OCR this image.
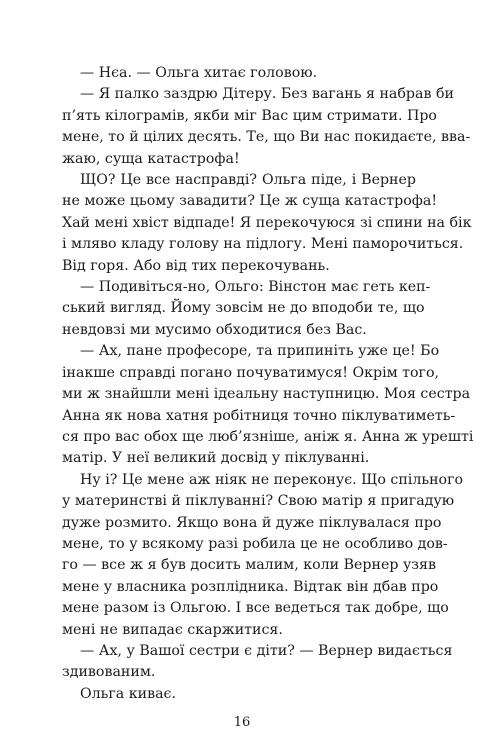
— Нєа. — Ольга хитає головою.

— Я палко заздрю Дітеру. Без вагань я набрав би
п’ять кілограмів, якби міг Вас цим стримати. Про
мене, то й цілих десять. Те, що Ви нас покидаєте, вва-
жаю, суща катастрофа!

ЩО? Це все насправді? Ольга піде, і Вернер
не може цьому завадити? Це ж суща катастрофа!
Хай мені хвіст відпаде! Я перекочуюся зі спини на бік
і мляво кладу голову на підлогу. Мені паморочиться.
Від горя. Або від тих перекочувань.

— Подивіться-но, Ольго: Вінстон має геть кеп-
ський вигляд. Йому зовсім не до вподоби те, що
невдовзі ми мусимо обходитися без Вас.

— Ах, пане професоре, та припиніть уже це! Бо
інакше справді погано почуватимуся! Окрім того,
ми ж знайшли мені ідеальну наступницю. Моя сестра
Анна як нова хатня робітниця точно піклуватиметь-
ся про вас обох ще люб’язніше, аніж я. Анна ж урешті
матір. У неї великий досвід у піклуванні.

Ну і? Це мене аж ніяк не переконує. Що спільного
у материнстві й піклуванні? Свою матір я пригадую
дуже розмито. Якщо вона й дуже піклувалася про
мене, то у всякому разі робила це не особливо дов-
го — все ж я був досить малим, коли Вернер узяв
мене у власника розплідника. Відтак він дбав про
мене разом із Ольгою. І все ведеться так добре, що
мені не випадає скаржитися.

— Ах, у Вашої сестри є діти? — Вернер видається
здивованим.

Ольга киває.

16
